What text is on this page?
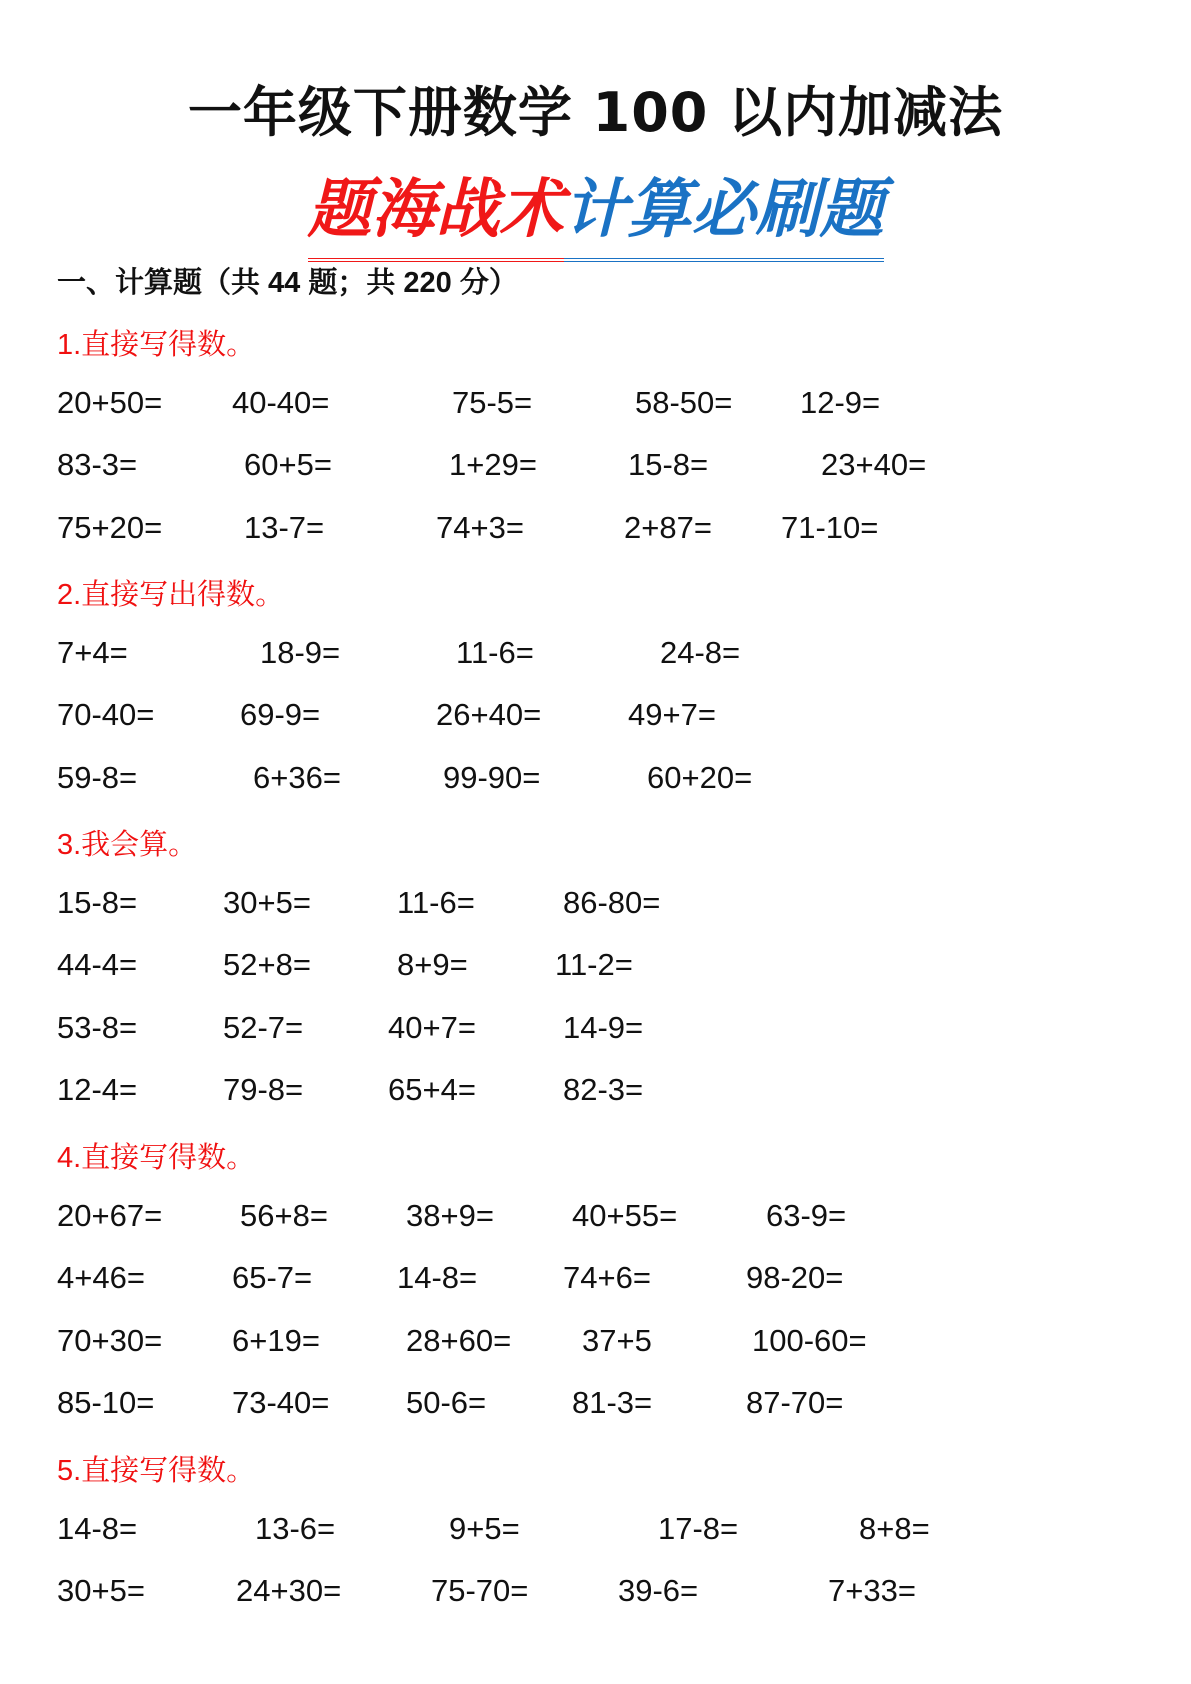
一年级下册数学 100 以内加减法
题海战术计算必刷题
一、计算题（共 44 题；共 220 分）
1.直接写得数。
20+50= 40-40=	75-5=	58-50= 12-9=
83-3=	60+5=	1+29=	15-8=	23+40=
75+20=	13-7=	74+3=	2+87= 71-10=
2.直接写出得数。
7+4=	18-9=	11-6=	24-8=
70-40=	69-9=	26+40=	49+7=
59-8=	6+36=	99-90=	60+20=
3.我会算。
15-8=	30+5=	11-6=	86-80=
44-4=	52+8=	8+9=	11-2=
53-8=	52-7=	40+7=	14-9=
12-4=	79-8=	65+4=	82-3=
4.直接写得数。
20+67=	56+8=	38+9=	40+55=	63-9=
4+46=	65-7=	14-8=	74+6=	98-20=
70+30= 6+19=	28+60= 37+5	100-60=
85-10=	73-40= 50-6=	81-3=	87-70=
5.直接写得数。
14-8=	13-6=	9+5=	17-8=	8+8=
30+5=	24+30=	75-70=	39-6=	7+33=
